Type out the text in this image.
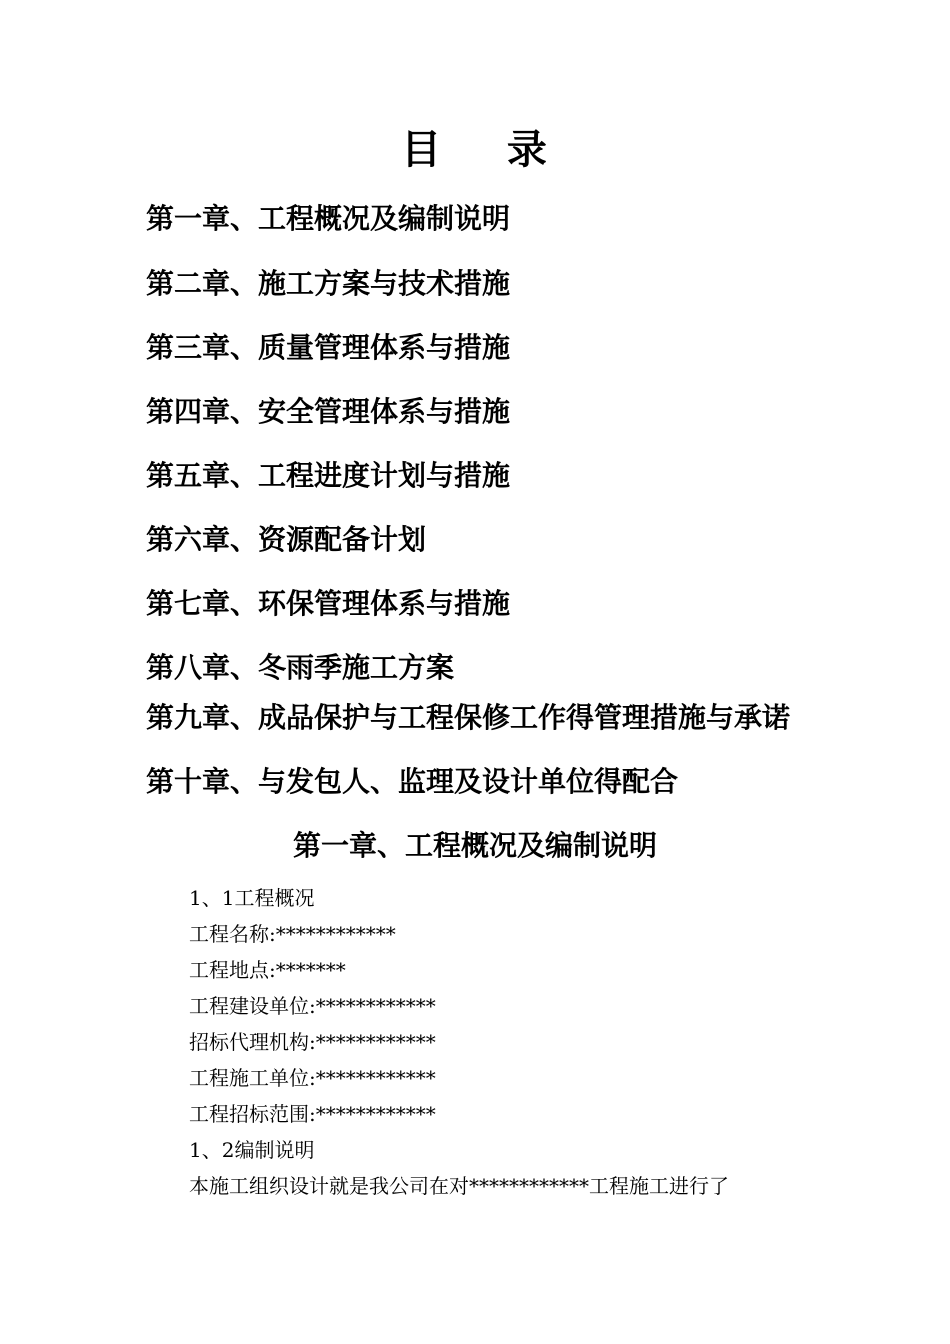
目    录
第一章、工程概况及编制说明
第二章、施工方案与技术措施
第三章、质量管理体系与措施
第四章、安全管理体系与措施
第五章、工程进度计划与措施
第六章、资源配备计划
第七章、环保管理体系与措施
第八章、冬雨季施工方案
第九章、成品保护与工程保修工作得管理措施与承诺
第十章、与发包人、监理及设计单位得配合
第一章、工程概况及编制说明
1、1工程概况
工程名称:************
工程地点:*******
工程建设单位:************
招标代理机构:************
工程施工单位:************
工程招标范围:************
1、2编制说明
本施工组织设计就是我公司在对************工程施工进行了
